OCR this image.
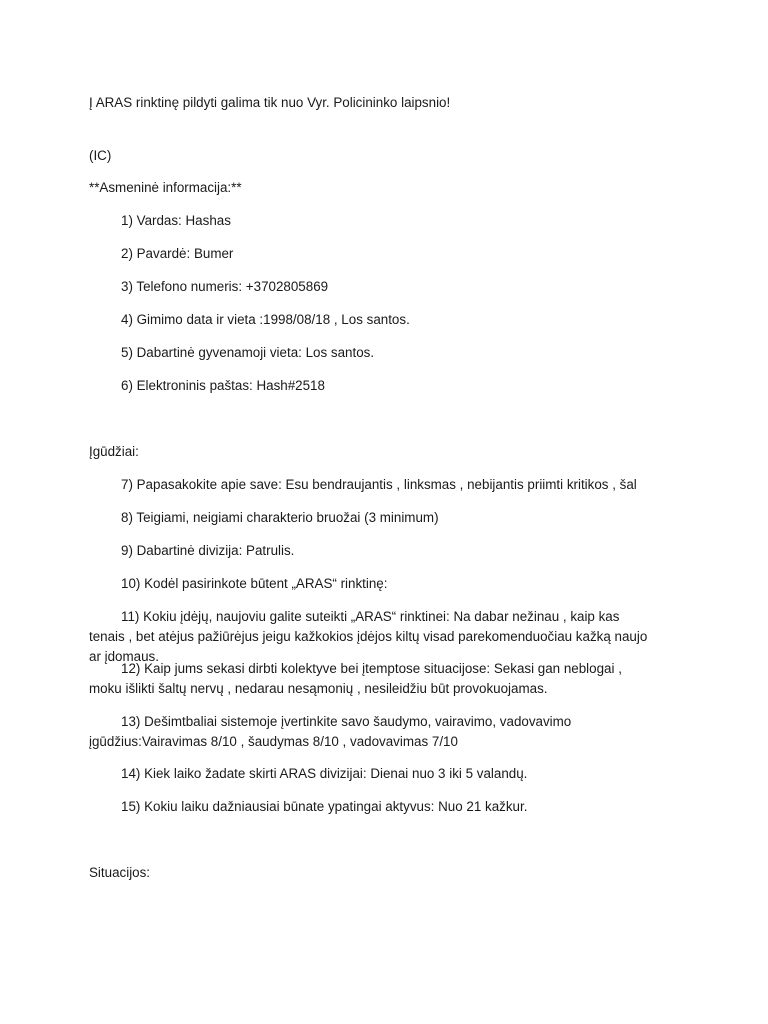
Į ARAS rinktinę pildyti galima tik nuo Vyr. Policininko laipsnio!
(IC)
**Asmeninė informacija:**
1) Vardas: Hashas
2) Pavardė: Bumer
3) Telefono numeris: +3702805869
4) Gimimo data ir vieta :1998/08/18 , Los santos.
5) Dabartinė gyvenamoji vieta: Los santos.
6) Elektroninis paštas: Hash#2518
Įgūdžiai:
7) Papasakokite apie save: Esu bendraujantis , linksmas , nebijantis priimti kritikos , šal
8) Teigiami, neigiami charakterio bruožai (3 minimum)
9) Dabartinė divizija: Patrulis.
10) Kodėl pasirinkote būtent „ARAS“ rinktinę:
11) Kokiu įdėjų, naujoviu galite suteikti „ARAS“ rinktinei: Na dabar nežinau , kaip kas tenais , bet atėjus pažiūrėjus jeigu kažkokios įdėjos kiltų visad parekomenduočiau kažką naujo ar įdomaus.
12) Kaip jums sekasi dirbti kolektyve bei įtemptose situacijose: Sekasi gan neblogai , moku išlikti šaltų nervų , nedarau nesąmonių , nesileidžiu būt provokuojamas.
13) Dešimtbaliai sistemoje įvertinkite savo šaudymo, vairavimo, vadovavimo įgūdžius:Vairavimas 8/10 , šaudymas 8/10 , vadovavimas 7/10
14) Kiek laiko žadate skirti ARAS divizijai: Dienai nuo 3 iki 5 valandų.
15) Kokiu laiku dažniausiai būnate ypatingai aktyvus: Nuo 21 kažkur.
Situacijos:
